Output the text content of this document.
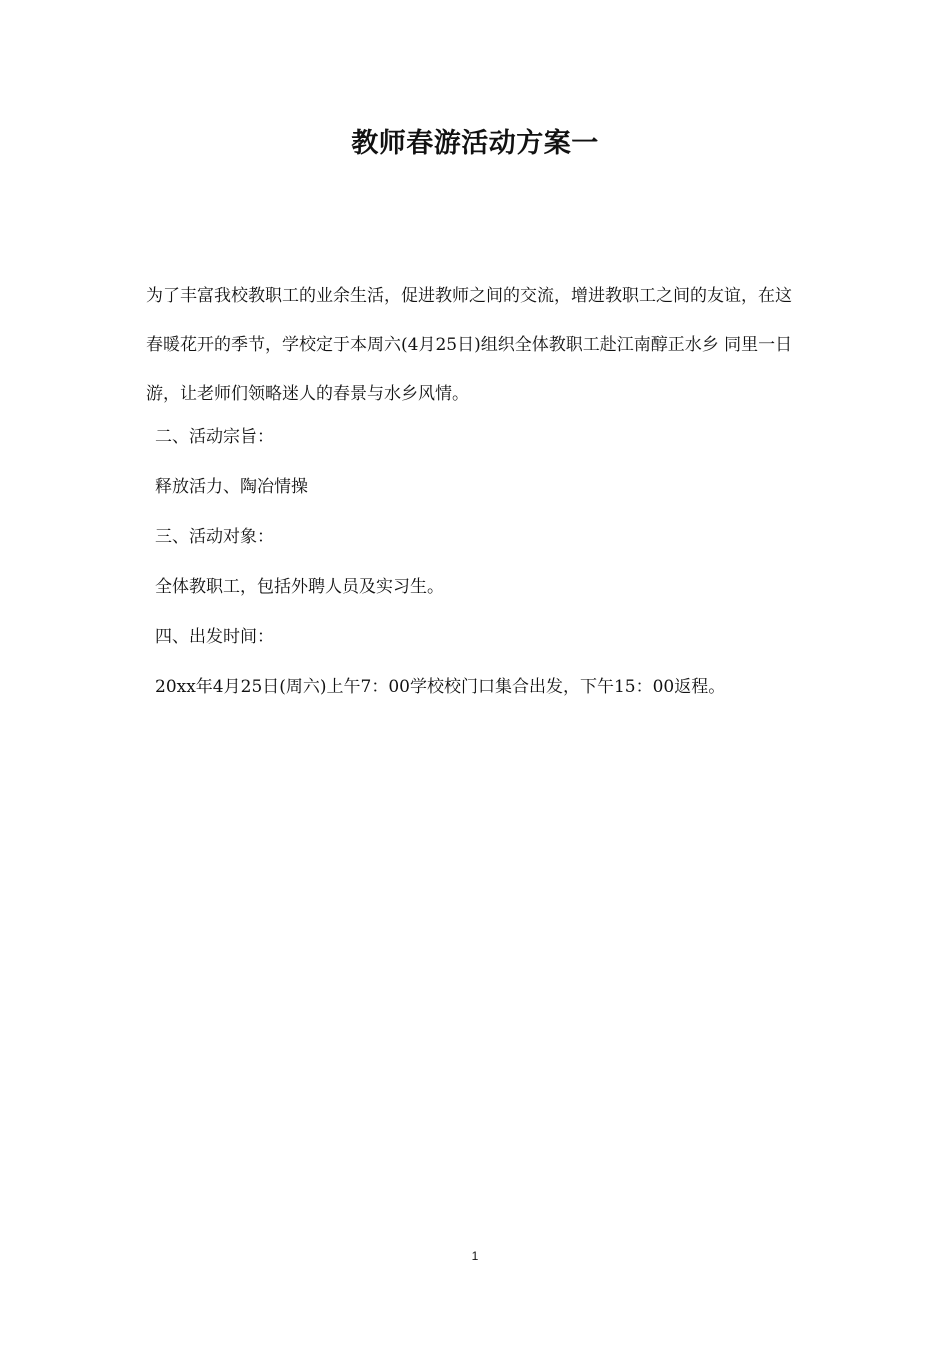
教师春游活动方案一
为了丰富我校教职工的业余生活，促进教师之间的交流，增进教职工之间的友谊，在这春暖花开的季节，学校定于本周六(4月25日)组织全体教职工赴江南醇正水乡 同里一日游，让老师们领略迷人的春景与水乡风情。
二、活动宗旨：
释放活力、陶冶情操
三、活动对象：
全体教职工，包括外聘人员及实习生。
四、出发时间：
20xx年4月25日(周六)上午7：00学校校门口集合出发，下午15：00返程。
1
